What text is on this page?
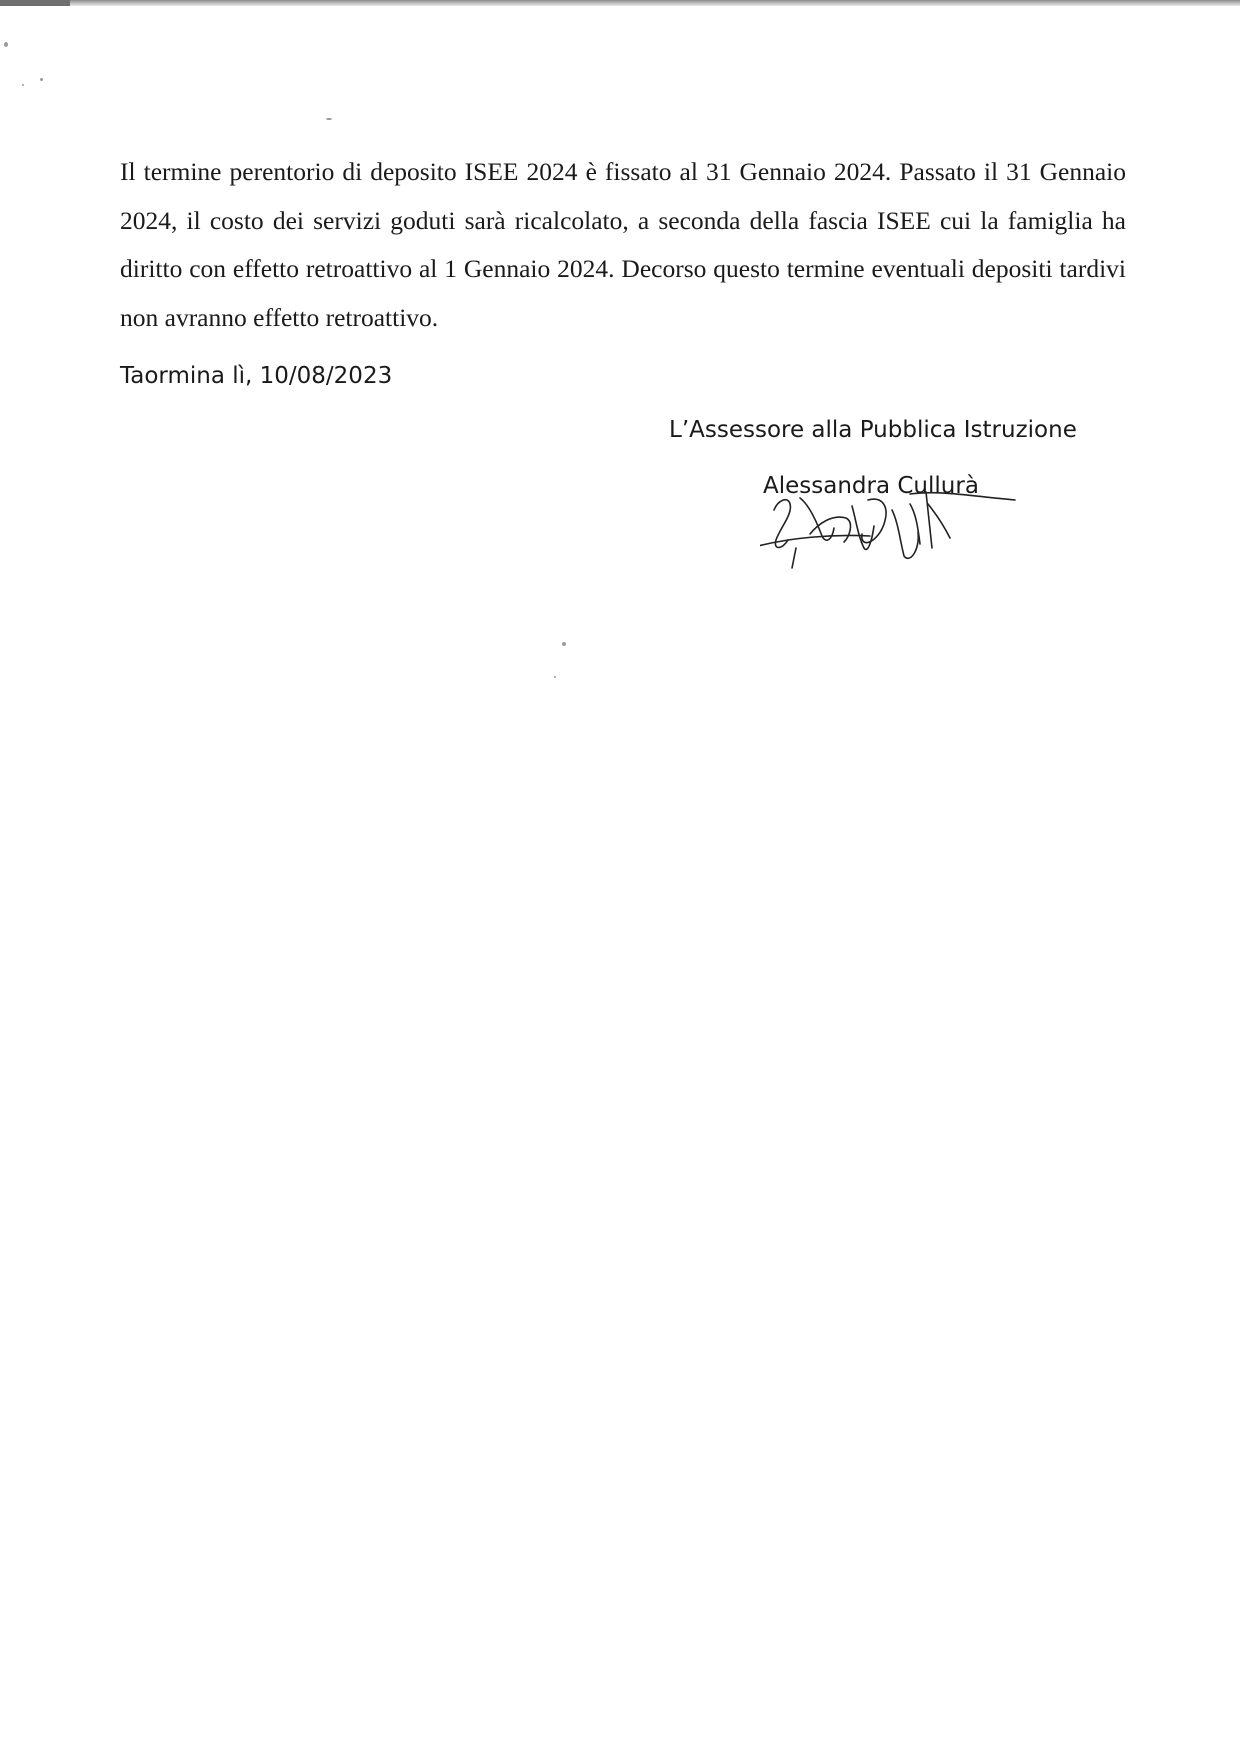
Il termine perentorio di deposito ISEE 2024 è fissato al 31 Gennaio 2024. Passato il 31 Gennaio 2024, il costo dei servizi goduti sarà ricalcolato, a seconda della fascia ISEE cui la famiglia ha diritto con effetto retroattivo al 1 Gennaio 2024. Decorso questo termine eventuali depositi tardivi non avranno effetto retroattivo.

Taormina lì, 10/08/2023

L’Assessore alla Pubblica Istruzione

Alessandra Cullurà
